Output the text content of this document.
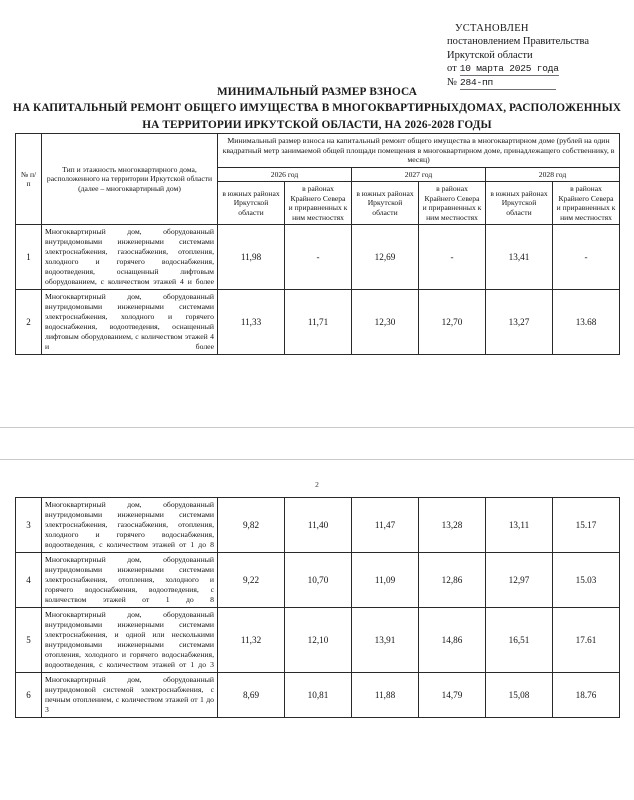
УСТАНОВЛЕН
постановлением Правительства
Иркутской области
от 10 марта 2025 года
№ 284-пп
МИНИМАЛЬНЫЙ РАЗМЕР ВЗНОСА
НА КАПИТАЛЬНЫЙ РЕМОНТ ОБЩЕГО ИМУЩЕСТВА В МНОГОКВАРТИРНЫХДОМАХ, РАСПОЛОЖЕННЫХ
НА ТЕРРИТОРИИ ИРКУТСКОЙ ОБЛАСТИ, НА 2026-2028 ГОДЫ
№ п/п	Тип и этажность многоквартирного дома, расположенного на территории Иркутской области (далее – многоквартирный дом)	Минимальный размер взноса на капитальный ремонт общего имущества в многоквартирном доме (рублей на один квадратный метр занимаемой общей площади помещения в многоквартирном доме, принадлежащего собственнику, в месяц)					
		2026 год		2027 год		2028 год	
		в южных районах Иркутской области	в районах Крайнего Севера и приравненных к ним местностях	в южных районах Иркутской области	в районах Крайнего Севера и приравненных к ним местностях	в южных районах Иркутской области	в районах Крайнего Севера и приравненных к ним местностях
1	Многоквартирный дом, оборудованный внутридомовыми инженерными системами электроснабжения, газоснабжения, отопления, холодного и горячего водоснабжения, водоотведения, оснащенный лифтовым оборудованием, с количеством этажей 4 и более	11,98	-	12,69	-	13,41	-
2	Многоквартирный дом, оборудованный внутридомовыми инженерными системами электроснабжения, холодного и горячего водоснабжения, водоотведения, оснащенный лифтовым оборудованием, с количеством этажей 4 и более	11,33	11,71	12,30	12,70	13,27	13.68
2
3	Многоквартирный дом, оборудованный внутридомовыми инженерными системами электроснабжения, газоснабжения, отопления, холодного и горячего водоснабжения, водоотведения, с количеством этажей от 1 до 8	9,82	11,40	11,47	13,28	13,11	15.17
4	Многоквартирный дом, оборудованный внутридомовыми инженерными системами электроснабжения, отопления, холодного и горячего водоснабжения, водоотведения, с количеством этажей от 1 до 8	9,22	10,70	11,09	12,86	12,97	15.03
5	Многоквартирный дом, оборудованный внутридомовыми инженерными системами электроснабжения, и одной или несколькими внутридомовыми инженерными системами отопления, холодного и горячего водоснабжения, водоотведения, с количеством этажей от 1 до 3	11,32	12,10	13,91	14,86	16,51	17.61
6	Многоквартирный дом, оборудованный внутридомовой системой электроснабжения, с печным отоплением, с количеством этажей от 1 до 3	8,69	10,81	11,88	14,79	15,08	18.76
